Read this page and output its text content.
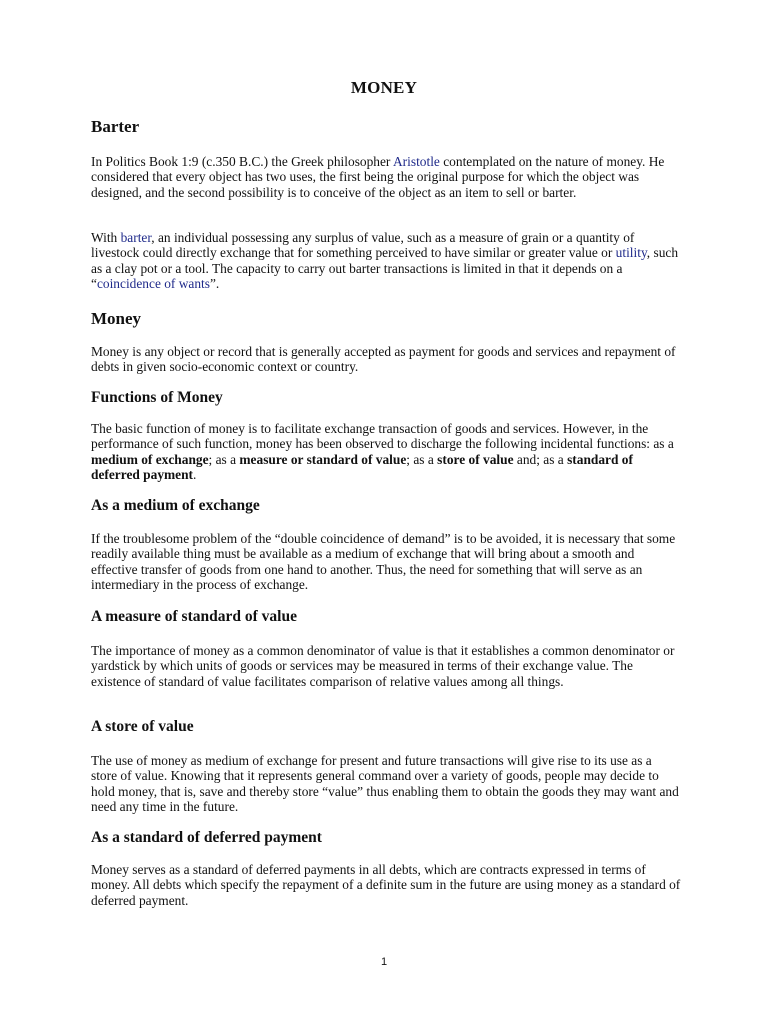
MONEY
Barter
In Politics Book 1:9 (c.350 B.C.) the Greek philosopher Aristotle contemplated on the nature of money. He considered that every object has two uses, the first being the original purpose for which the object was designed, and the second possibility is to conceive of the object as an item to sell or barter.
With barter, an individual possessing any surplus of value, such as a measure of grain or a quantity of livestock could directly exchange that for something perceived to have similar or greater value or utility, such as a clay pot or a tool. The capacity to carry out barter transactions is limited in that it depends on a “coincidence of wants”.
Money
Money is any object or record that is generally accepted as payment for goods and services and repayment of debts in given socio-economic context or country.
Functions of Money
The basic function of money is to facilitate exchange transaction of goods and services. However, in the performance of such function, money has been observed to discharge the following incidental functions: as a medium of exchange; as a measure or standard of value; as a store of value and; as a standard of deferred payment.
As a medium of exchange
If the troublesome problem of the “double coincidence of demand” is to be avoided, it is necessary that some readily available thing must be available as a medium of exchange that will bring about a smooth and effective transfer of goods from one hand to another. Thus, the need for something that will serve as an intermediary in the process of exchange.
A measure of standard of value
The importance of money as a common denominator of value is that it establishes a common denominator or yardstick by which units of goods or services may be measured in terms of their exchange value. The existence of standard of value facilitates comparison of relative values among all things.
A store of value
The use of money as medium of exchange for present and future transactions will give rise to its use as a store of value. Knowing that it represents general command over a variety of goods, people may decide to hold money, that is, save and thereby store “value” thus enabling them to obtain the goods they may want and need any time in the future.
As a standard of deferred payment
Money serves as a standard of deferred payments in all debts, which are contracts expressed in terms of money. All debts which specify the repayment of a definite sum in the future are using money as a standard of deferred payment.
1
